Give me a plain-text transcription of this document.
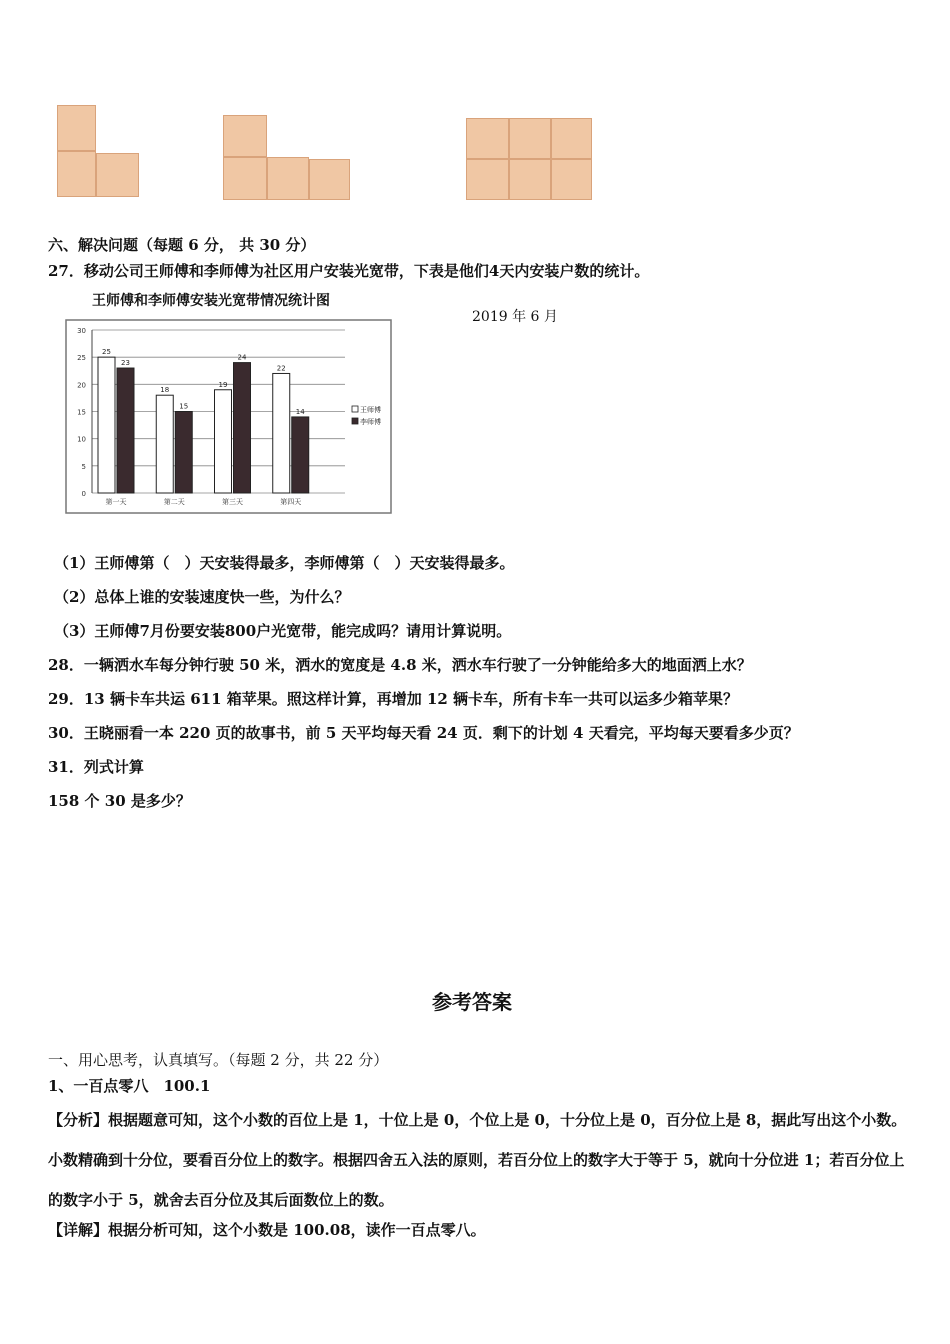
六、解决问题（每题 6 分， 共 30 分）
27．移动公司王师傅和李师傅为社区用户安装光宽带，下表是他们4天内安装户数的统计。
王师傅和李师傅安装光宽带情况统计图
2019 年 6 月
0
5
10
15
20
25
30
25
23
18
15
19
24
22
14
第一天	第二天	第三天	第四天
王师傅
李师傅
（1）王师傅第（　）天安装得最多，李师傅第（　）天安装得最多。
（2）总体上谁的安装速度快一些，为什么？
（3）王师傅7月份要安装800户光宽带，能完成吗？请用计算说明。
28．一辆洒水车每分钟行驶 50 米，洒水的宽度是 4.8 米，洒水车行驶了一分钟能给多大的地面洒上水？
29．13 辆卡车共运 611 箱苹果。照这样计算，再增加 12 辆卡车，所有卡车一共可以运多少箱苹果？
30．王晓丽看一本 220 页的故事书，前 5 天平均每天看 24 页．剩下的计划 4 天看完，平均每天要看多少页？
31．列式计算
158 个 30 是多少？
参考答案
一、用心思考，认真填写。（每题 2 分，共 22 分）
1、一百点零八　100.1
【分析】根据题意可知，这个小数的百位上是 1，十位上是 0，个位上是 0，十分位上是 0，百分位上是 8，据此写出这个小数。小数精确到十分位，要看百分位上的数字。根据四舍五入法的原则，若百分位上的数字大于等于 5，就向十分位进 1；若百分位上的数字小于 5，就舍去百分位及其后面数位上的数。
【详解】根据分析可知，这个小数是 100.08，读作一百点零八。
